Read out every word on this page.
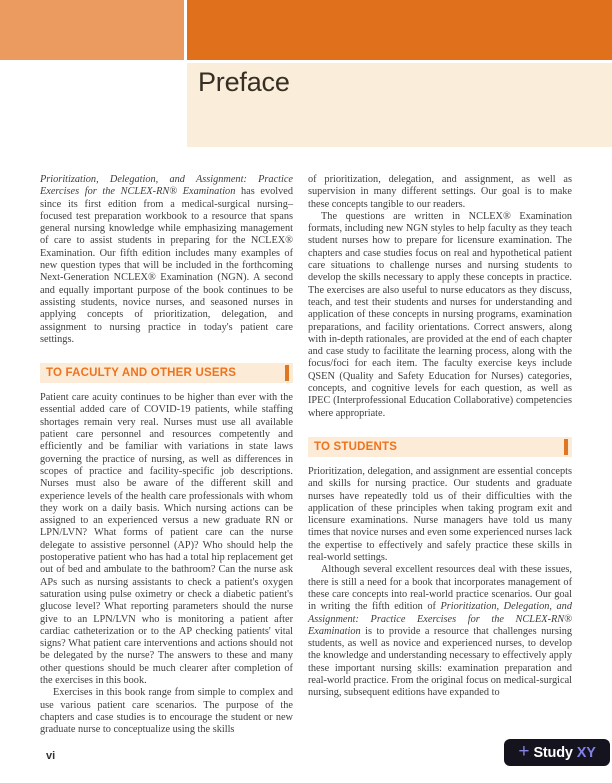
Preface

Prioritization, Delegation, and Assignment: Practice Exercises for the NCLEX-RN® Examination has evolved since its first edition from a medical-surgical nursing–focused test preparation workbook to a resource that spans general nursing knowledge while emphasizing management of care to assist students in preparing for the NCLEX® Examination. Our fifth edition includes many examples of new question types that will be included in the forthcoming Next-Generation NCLEX® Examination (NGN). A second and equally important purpose of the book continues to be assisting students, novice nurses, and seasoned nurses in applying concepts of prioritization, delegation, and assignment to nursing practice in today's patient care settings.

TO FACULTY AND OTHER USERS

Patient care acuity continues to be higher than ever with the essential added care of COVID-19 patients, while staffing shortages remain very real. Nurses must use all available patient care personnel and resources competently and efficiently and be familiar with variations in state laws governing the practice of nursing, as well as differences in scopes of practice and facility-specific job descriptions. Nurses must also be aware of the different skill and experience levels of the health care professionals with whom they work on a daily basis. Which nursing actions can be assigned to an experienced versus a new graduate RN or LPN/LVN? What forms of patient care can the nurse delegate to assistive personnel (AP)? Who should help the postoperative patient who has had a total hip replacement get out of bed and ambulate to the bathroom? Can the nurse ask APs such as nursing assistants to check a patient's oxygen saturation using pulse oximetry or check a diabetic patient's glucose level? What reporting parameters should the nurse give to an LPN/LVN who is monitoring a patient after cardiac catheterization or to the AP checking patients' vital signs? What patient care interventions and actions should not be delegated by the nurse? The answers to these and many other questions should be much clearer after completion of the exercises in this book.

Exercises in this book range from simple to complex and use various patient care scenarios. The purpose of the chapters and case studies is to encourage the student or new graduate nurse to conceptualize using the skills

of prioritization, delegation, and assignment, as well as supervision in many different settings. Our goal is to make these concepts tangible to our readers.

The questions are written in NCLEX® Examination formats, including new NGN styles to help faculty as they teach student nurses how to prepare for licensure examination. The chapters and case studies focus on real and hypothetical patient care situations to challenge nurses and nursing students to develop the skills necessary to apply these concepts in practice. The exercises are also useful to nurse educators as they discuss, teach, and test their students and nurses for understanding and application of these concepts in nursing programs, examination preparations, and facility orientations. Correct answers, along with in-depth rationales, are provided at the end of each chapter and case study to facilitate the learning process, along with the focus/foci for each item. The faculty exercise keys include QSEN (Quality and Safety Education for Nurses) categories, concepts, and cognitive levels for each question, as well as IPEC (Interprofessional Education Collaborative) competencies where appropriate.

TO STUDENTS

Prioritization, delegation, and assignment are essential concepts and skills for nursing practice. Our students and graduate nurses have repeatedly told us of their difficulties with the application of these principles when taking program exit and licensure examinations. Nurse managers have told us many times that novice nurses and even some experienced nurses lack the expertise to effectively and safely practice these skills in real-world settings.

Although several excellent resources deal with these issues, there is still a need for a book that incorporates management of these care concepts into real-world practice scenarios. Our goal in writing the fifth edition of Prioritization, Delegation, and Assignment: Practice Exercises for the NCLEX-RN® Examination is to provide a resource that challenges nursing students, as well as novice and experienced nurses, to develop the knowledge and understanding necessary to effectively apply these important nursing skills: examination preparation and real-world practice. From the original focus on medical-surgical nursing, subsequent editions have expanded to

vi	+ Study XY
